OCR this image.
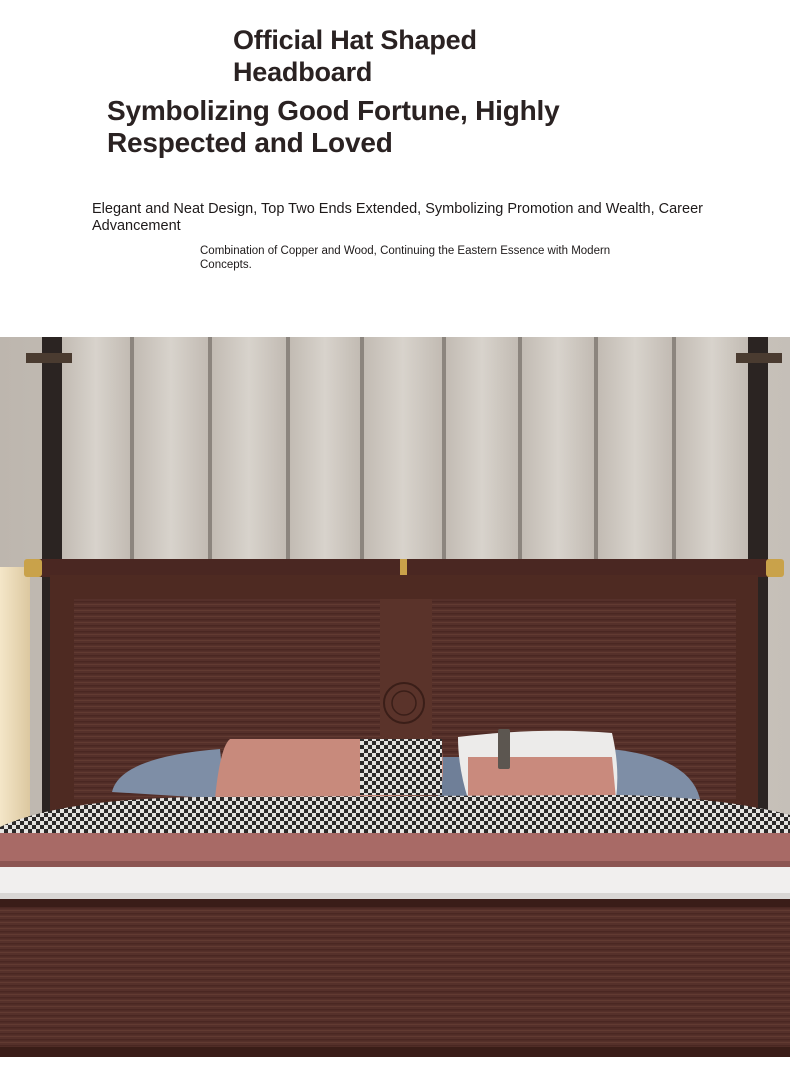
Official Hat Shaped Headboard
Symbolizing Good Fortune, Highly Respected and Loved

Elegant and Neat Design, Top Two Ends Extended, Symbolizing Promotion and Wealth, Career Advancement

Combination of Copper and Wood, Continuing the Eastern Essence with Modern Concepts.
